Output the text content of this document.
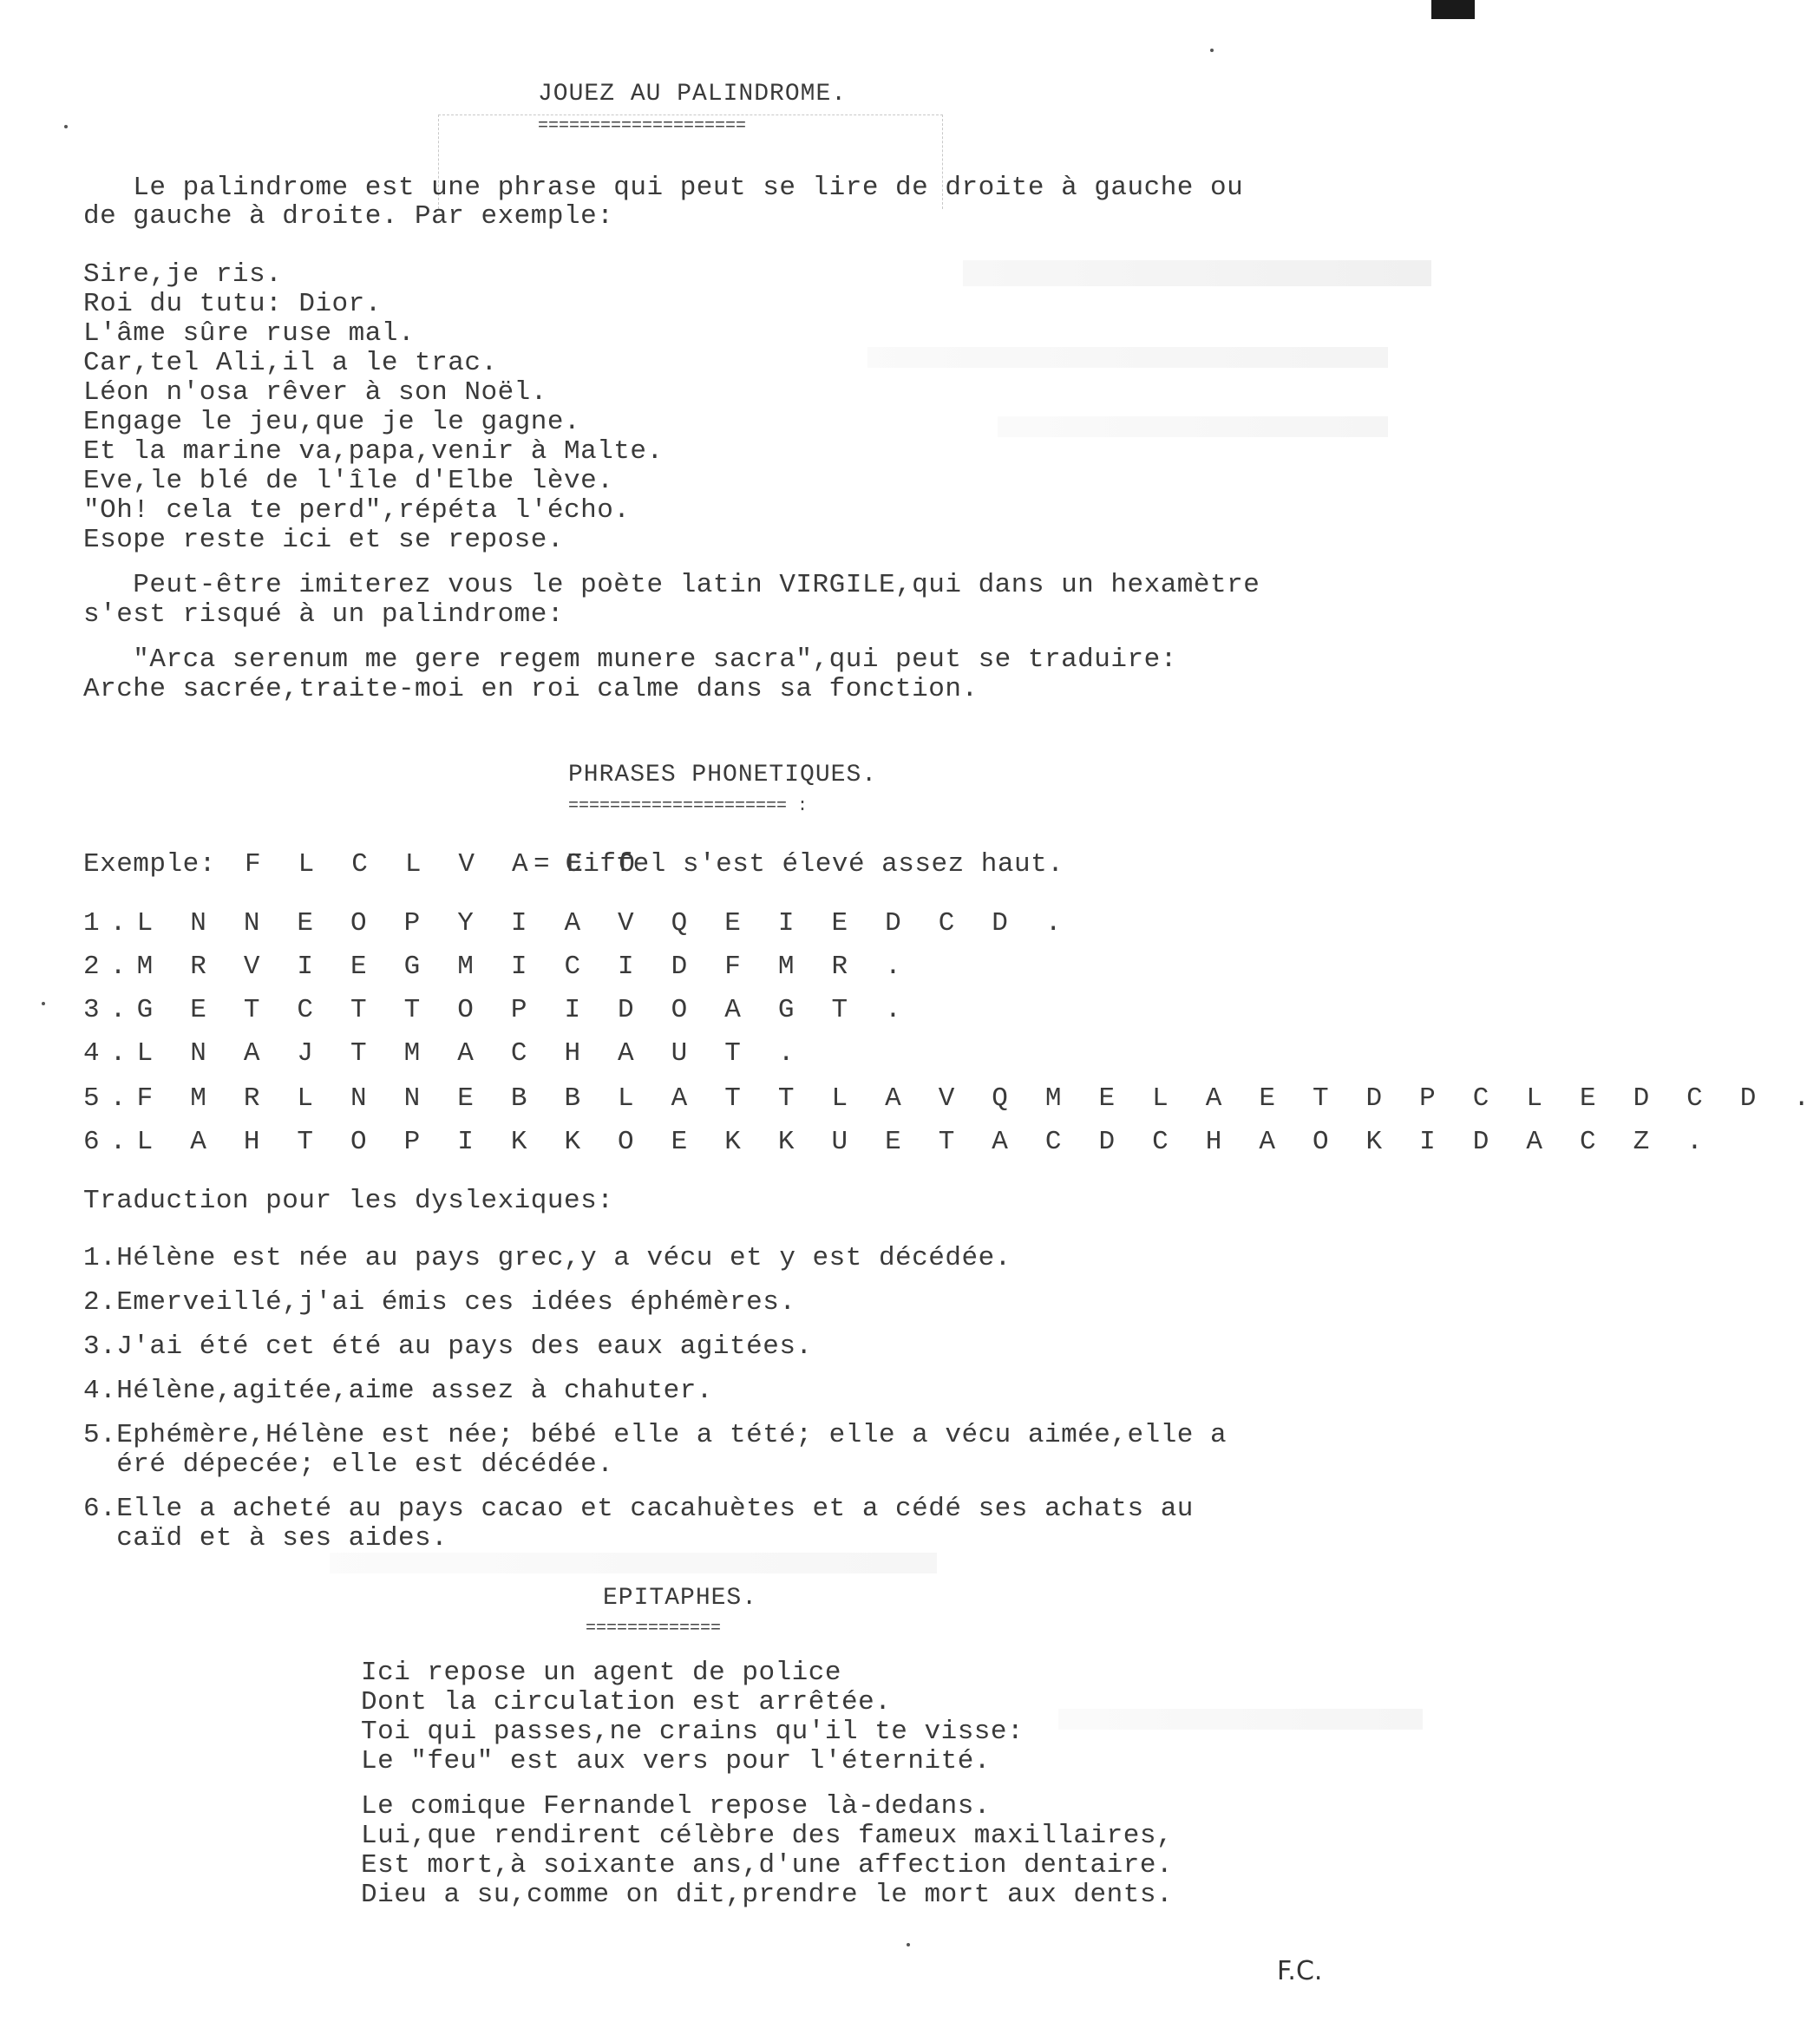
JOUEZ AU PALINDROME.
====================
Le palindrome est une phrase qui peut se lire de droite à gauche ou
de gauche à droite. Par exemple:
Sire,je ris.
Roi du tutu: Dior.
L'âme sûre ruse mal.
Car,tel Ali,il a le trac.
Léon n'osa rêver à son Noël.
Engage le jeu,que je le gagne.
Et la marine va,papa,venir à Malte.
Eve,le blé de l'île d'Elbe lève.
"Oh! cela te perd",répéta l'écho.
Esope reste ici et se repose.
Peut-être imiterez vous le poète latin VIRGILE,qui dans un hexamètre
s'est risqué à un palindrome:
"Arca serenum me gere regem munere sacra",qui peut se traduire:
Arche sacrée,traite-moi en roi calme dans sa fonction.
PHRASES PHONETIQUES.
===================== :
Exemple: F L C L V A C O
= Eiffel s'est élevé assez haut.
1.L N N E O P Y I A V Q E I E D C D .
2.M R V I E G M I C I D F M R .
3.G E T C T T O P I D O A G T .
4.L N A J T M A C H A U T .
5.F M R L N N E B B L A T T L A V Q M E L A E T D P C L E D C D .
6.L A H T O P I K K O E K K U E T A C D C H A O K I D A C Z .
Traduction pour les dyslexiques:
1.Hélène est née au pays grec,y a vécu et y est décédée.
2.Emerveillé,j'ai émis ces idées éphémères.
3.J'ai été cet été au pays des eaux agitées.
4.Hélène,agitée,aime assez à chahuter.
5.Ephémère,Hélène est née; bébé elle a tété; elle a vécu aimée,elle a
éré dépecée; elle est décédée.
6.Elle a acheté au pays cacao et cacahuètes et a cédé ses achats au
caïd et à ses aides.
EPITAPHES.
=============
Ici repose un agent de police
Dont la circulation est arrêtée.
Toi qui passes,ne crains qu'il te visse:
Le "feu" est aux vers pour l'éternité.
Le comique Fernandel repose là-dedans.
Lui,que rendirent célèbre des fameux maxillaires,
Est mort,à soixante ans,d'une affection dentaire.
Dieu a su,comme on dit,prendre le mort aux dents.
F.C.
